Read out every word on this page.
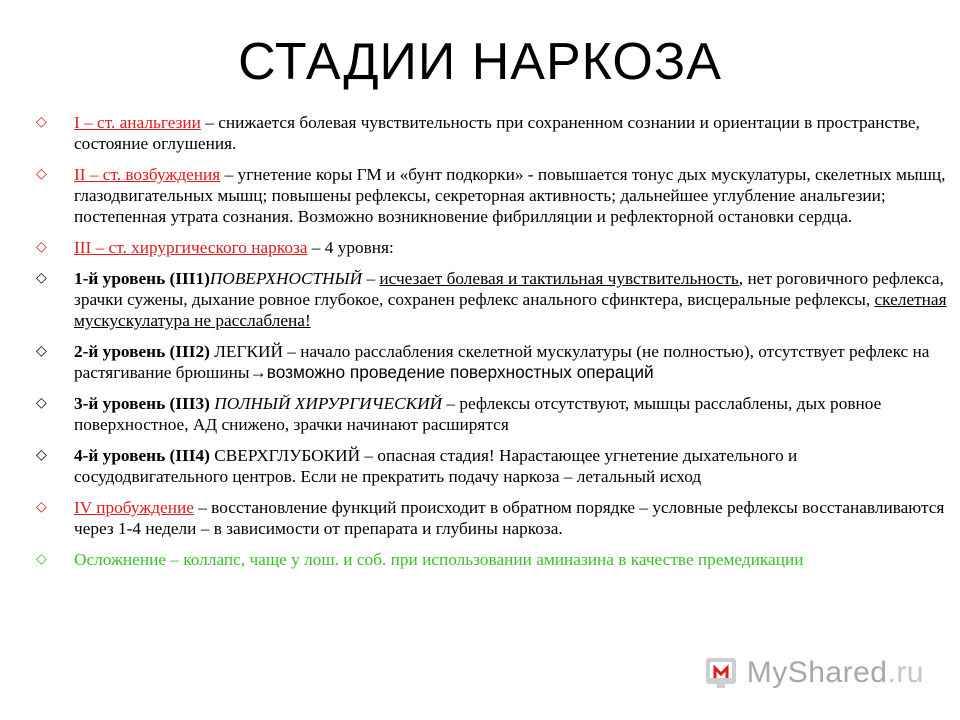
СТАДИИ НАРКОЗА
◇ I – ст. анальгезии – снижается болевая чувствительность при сохраненном сознании и ориентации в пространстве, состояние оглушения.
◇ II – ст. возбуждения – угнетение коры ГМ и «бунт подкорки» - повышается тонус дых мускулатуры, скелетных мышц, глазодвигательных мышц; повышены рефлексы, секреторная активность; дальнейшее углубление анальгезии; постепенная утрата сознания. Возможно возникновение фибрилляции и рефлекторной остановки сердца.
◇ III – ст. хирургического наркоза – 4 уровня:
◇ 1-й уровень (III1)ПОВЕРХНОСТНЫЙ – исчезает болевая и тактильная чувствительность, нет роговичного рефлекса, зрачки сужены, дыхание ровное глубокое, сохранен рефлекс анального сфинктера, висцеральные рефлексы, скелетная мускускулатура не расслаблена!
◇ 2-й уровень (III2) ЛЕГКИЙ – начало расслабления скелетной мускулатуры (не полностью), отсутствует рефлекс на растягивание брюшины→возможно проведение поверхностных операций
◇ 3-й уровень (III3) ПОЛНЫЙ ХИРУРГИЧЕСКИЙ – рефлексы отсутствуют, мышцы расслаблены, дых ровное поверхностное, АД снижено, зрачки начинают расширятся
◇ 4-й уровень (III4) СВЕРХГЛУБОКИЙ – опасная стадия! Нарастающее угнетение дыхательного и сосудодвигательного центров. Если не прекратить подачу наркоза – летальный исход
◇ IV пробуждение – восстановление функций происходит в обратном порядке – условные рефлексы восстанавливаются через 1-4 недели – в зависимости от препарата и глубины наркоза.
◇ Осложнение – коллапс, чаще у лош. и соб. при использовании аминазина в качестве премедикации
MyShared.ru
